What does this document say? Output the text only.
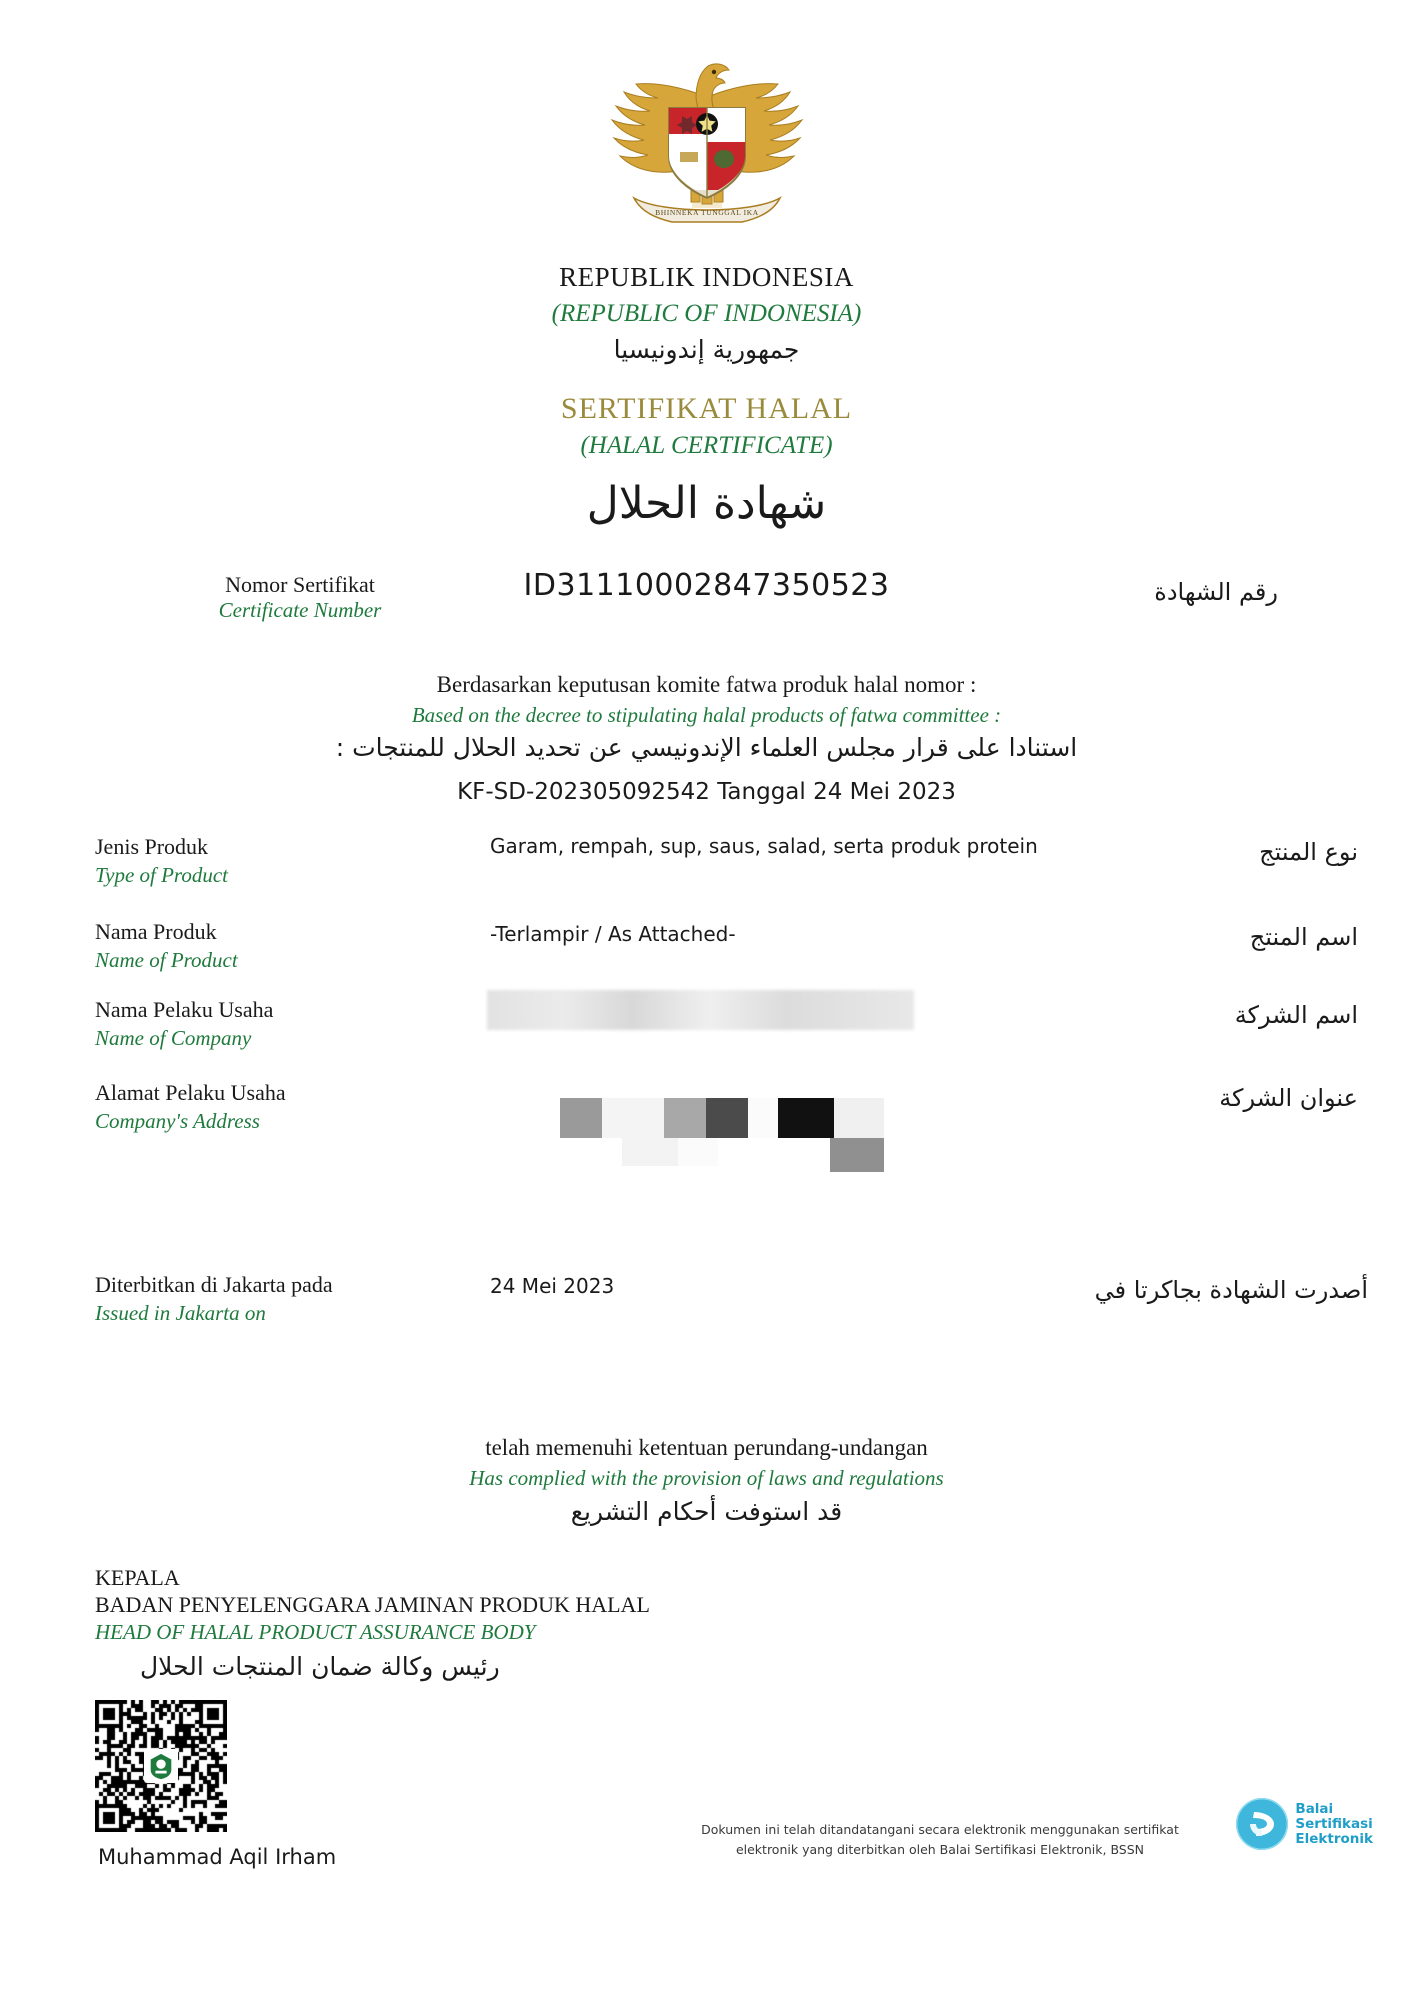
BHINNEKA TUNGGAL IKA
REPUBLIK INDONESIA
(REPUBLIC OF INDONESIA)
جمهورية إندونيسيا
SERTIFIKAT HALAL
(HALAL CERTIFICATE)
شهادة الحلال
Nomor Sertifikat
Certificate Number
ID31110002847350523	رقم الشهادة
Berdasarkan keputusan komite fatwa produk halal nomor :
Based on the decree to stipulating halal products of fatwa committee :
استنادا على قرار مجلس العلماء الإندونيسي عن تحديد الحلال للمنتجات :
KF-SD-202305092542 Tanggal 24 Mei 2023
Jenis Produk
Type of Product
Garam, rempah, sup, saus, salad, serta produk protein	نوع المنتج
Nama Produk
Name of Product
-Terlampir / As Attached-	اسم المنتج
Nama Pelaku Usaha
Name of Company
اسم الشركة
Alamat Pelaku Usaha
Company's Address
عنوان الشركة
Diterbitkan di Jakarta pada
Issued in Jakarta on
24 Mei 2023	أصدرت الشهادة بجاكرتا في
telah memenuhi ketentuan perundang-undangan
Has complied with the provision of laws and regulations
قد استوفت أحكام التشريع
KEPALA
BADAN PENYELENGGARA JAMINAN PRODUK HALAL
HEAD OF HALAL PRODUCT ASSURANCE BODY
رئيس وكالة ضمان المنتجات الحلال
Muhammad Aqil Irham
Dokumen ini telah ditandatangani secara elektronik menggunakan sertifikat
elektronik yang diterbitkan oleh Balai Sertifikasi Elektronik, BSSN
Balai
Sertifikasi
Elektronik
